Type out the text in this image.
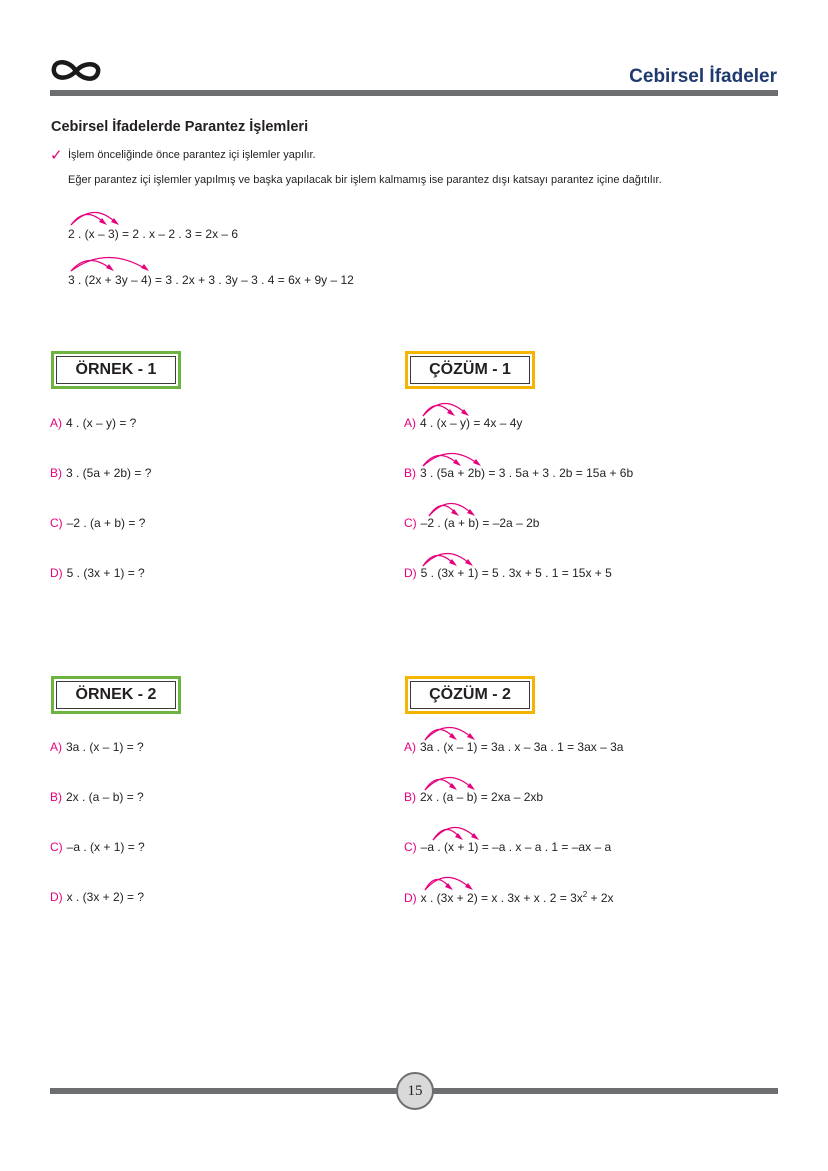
Cebirsel İfadeler
Cebirsel İfadelerde Parantez İşlemleri
✓ İşlem önceliğinde önce parantez içi işlemler yapılır.
Eğer parantez içi işlemler yapılmış ve başka yapılacak bir işlem kalmamış ise parantez dışı katsayı parantez içine dağıtılır.
2 . (x – 3) = 2 . x – 2 . 3 = 2x – 6
3 . (2x + 3y – 4) = 3 . 2x + 3 . 3y – 3 . 4 = 6x + 9y – 12
ÖRNEK - 1
A) 4 . (x – y) = ?
B) 3 . (5a + 2b) = ?
C) –2 . (a + b) = ?
D) 5 . (3x + 1) = ?
ÇÖZÜM - 1
A) 4 . (x – y) = 4x – 4y
B) 3 . (5a + 2b) = 3 . 5a + 3 . 2b = 15a + 6b
C) –2 . (a + b) = –2a – 2b
D) 5 . (3x + 1) = 5 . 3x + 5 . 1 = 15x + 5
ÖRNEK - 2
A) 3a . (x – 1) = ?
B) 2x . (a – b) = ?
C) –a . (x + 1) = ?
D) x . (3x + 2) = ?
ÇÖZÜM - 2
A) 3a . (x – 1) = 3a . x – 3a . 1 = 3ax – 3a
B) 2x . (a – b) = 2xa – 2xb
C) –a . (x + 1) = –a . x – a . 1 = –ax – a
D) x . (3x + 2) = x . 3x + x . $2 = 3x^2 + 2x$
15
